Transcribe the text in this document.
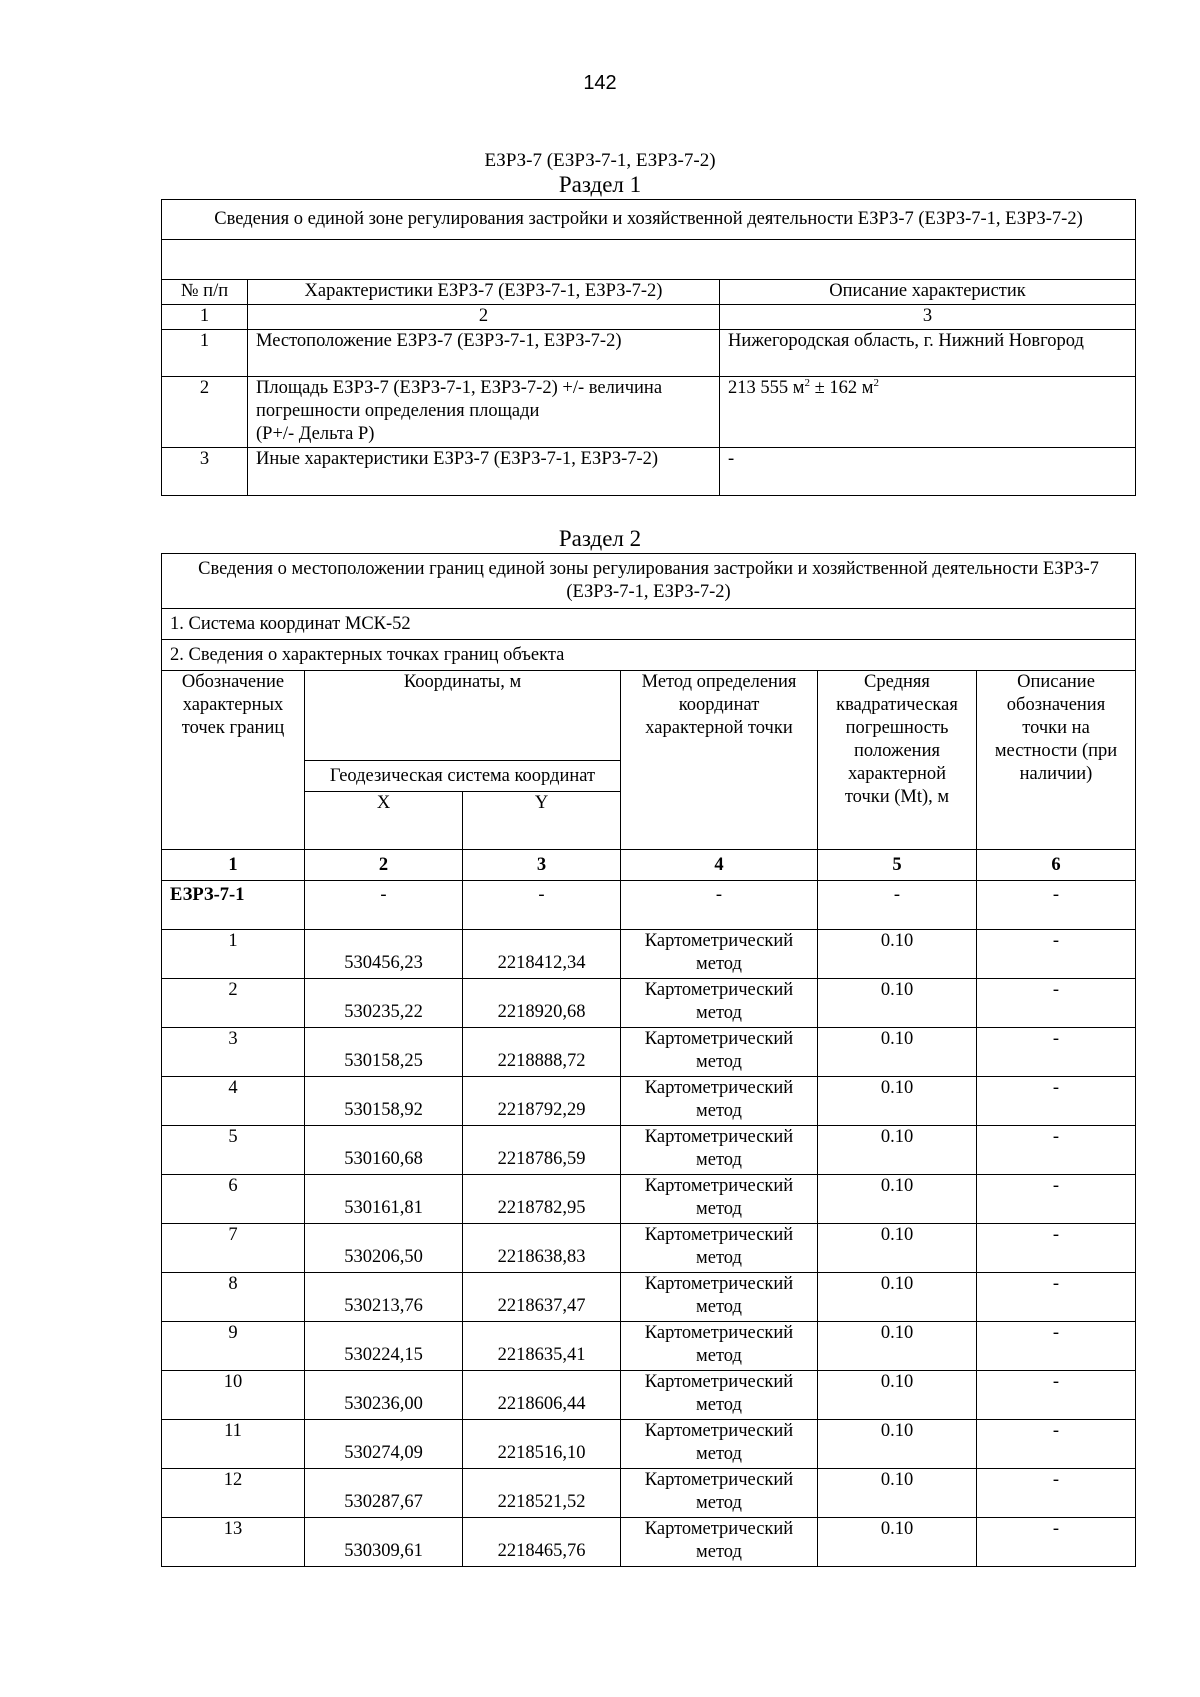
142
ЕЗРЗ-7 (ЕЗРЗ-7-1, ЕЗРЗ-7-2)
Раздел 1
Сведения о единой зоне регулирования застройки и хозяйственной деятельности ЕЗРЗ-7 (ЕЗРЗ-7-1, ЕЗРЗ-7-2)		

№ п/п	Характеристики ЕЗРЗ-7 (ЕЗРЗ-7-1, ЕЗРЗ-7-2)	Описание характеристик
1	2	3
1	Местоположение ЕЗРЗ-7 (ЕЗРЗ-7-1, ЕЗРЗ-7-2)	Нижегородская область, г. Нижний Новгород
2	Площадь ЕЗРЗ-7 (ЕЗРЗ-7-1, ЕЗРЗ-7-2) +/- величина
погрешности определения площади
(Р+/- Дельта Р)	213 555 $м^2 \pm 162$ $м^2$
3	Иные характеристики ЕЗРЗ-7 (ЕЗРЗ-7-1, ЕЗРЗ-7-2)	-
Раздел 2
Сведения о местоположении границ единой зоны регулирования застройки и хозяйственной деятельности ЕЗРЗ-7 (ЕЗРЗ-7-1, ЕЗРЗ-7-2)					
1. Система координат МСК-52					
2. Сведения о характерных точках границ объекта					
Обозначение характерных точек границ	Координаты, м		Метод определения координат характерной точки	Средняя квадратическая погрешность положения характерной точки (Mt), м	Описание обозначения точки на местности (при наличии)
	Геодезическая система координат				
	X	Y			
1	2	3	4	5	6
ЕЗРЗ-7-1	-	-	-	-	-
1	530456,23	2218412,34	Картометрический метод	0.10	-
2	530235,22	2218920,68	Картометрический метод	0.10	-
3	530158,25	2218888,72	Картометрический метод	0.10	-
4	530158,92	2218792,29	Картометрический метод	0.10	-
5	530160,68	2218786,59	Картометрический метод	0.10	-
6	530161,81	2218782,95	Картометрический метод	0.10	-
7	530206,50	2218638,83	Картометрический метод	0.10	-
8	530213,76	2218637,47	Картометрический метод	0.10	-
9	530224,15	2218635,41	Картометрический метод	0.10	-
10	530236,00	2218606,44	Картометрический метод	0.10	-
11	530274,09	2218516,10	Картометрический метод	0.10	-
12	530287,67	2218521,52	Картометрический метод	0.10	-
13	530309,61	2218465,76	Картометрический метод	0.10	-
